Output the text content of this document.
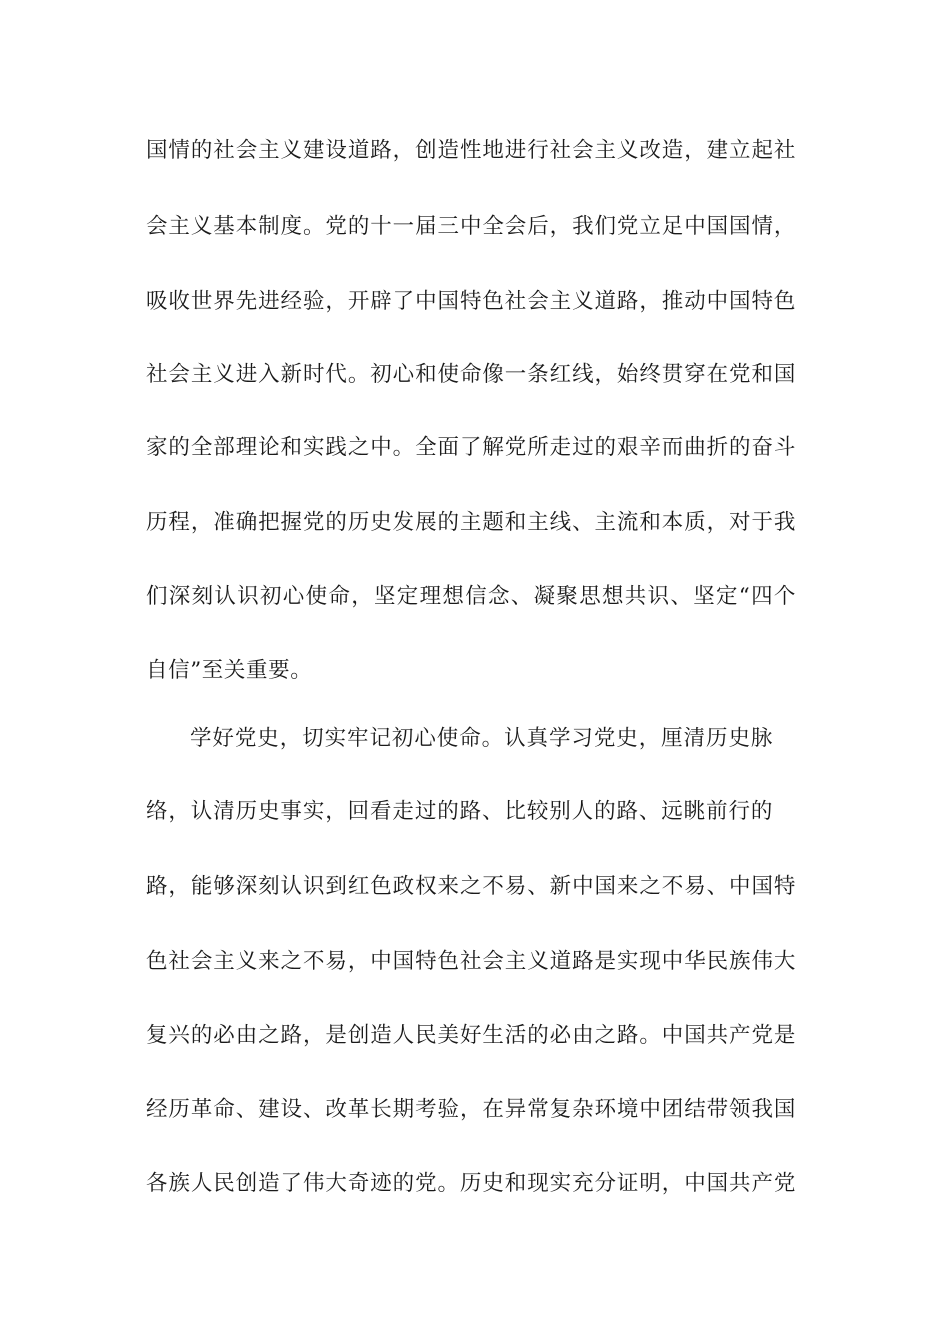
国情的社会主义建设道路，创造性地进行社会主义改造，建立起社
会主义基本制度。党的十一届三中全会后，我们党立足中国国情，
吸收世界先进经验，开辟了中国特色社会主义道路，推动中国特色
社会主义进入新时代。初心和使命像一条红线，始终贯穿在党和国
家的全部理论和实践之中。全面了解党所走过的艰辛而曲折的奋斗
历程，准确把握党的历史发展的主题和主线、主流和本质，对于我
们深刻认识初心使命，坚定理想信念、凝聚思想共识、坚定“四个
自信”至关重要。
学好党史，切实牢记初心使命。认真学习党史，厘清历史脉
络，认清历史事实，回看走过的路、比较别人的路、远眺前行的
路，能够深刻认识到红色政权来之不易、新中国来之不易、中国特
色社会主义来之不易，中国特色社会主义道路是实现中华民族伟大
复兴的必由之路，是创造人民美好生活的必由之路。中国共产党是
经历革命、建设、改革长期考验，在异常复杂环境中团结带领我国
各族人民创造了伟大奇迹的党。历史和现实充分证明，中国共产党
